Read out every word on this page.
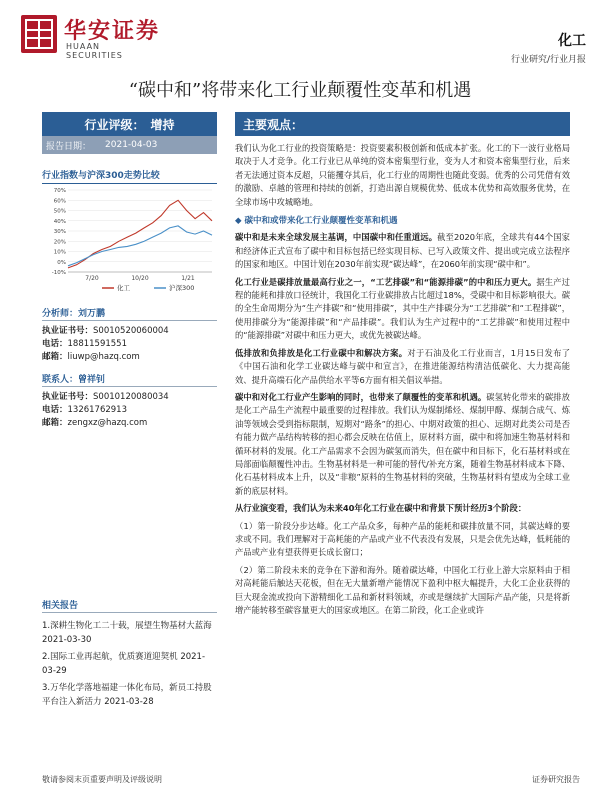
华安证券
HUAAN SECURITIES
化工
行业研究/行业月报
“碳中和”将带来化工行业颠覆性变革和机遇
行业评级： 增持
报告日期： 2021-04-03
行业指数与沪深300走势比较
-10%
0%
10%
20%
30%
40%
50%
60%
70%
7/20	10/20	1/21
化工	沪深300
分析师：刘万鹏
执业证书号：S0010520060004
电话：18811591551
邮箱：liuwp@hazq.com
联系人：曾祥钊
执业证书号：S0010120080034
电话：13261762913
邮箱：zengxz@hazq.com
相关报告
1.深耕生物化工二十载，展望生物基材大蓝海 2021-03-30
2.国际工业再起航，优质赛道迎契机 2021-03-29
3.万华化学落地福建一体化布局，新员工持股平台注入新活力 2021-03-28
主要观点：

我们认为化工行业的投资策略是：投资要素积极创新和低成本扩张。化工的下一波行业格局取决于人才竞争。化工行业已从单纯的资本密集型行业，变为人才和资本密集型行业，后来者无法通过资本反超，只能攫夺其后，化工行业的周期性也随此变弱。优秀的公司凭借有效的激励、卓越的管理和持续的创新，打造出源自规模优势、低成本优势和高效服务优势，在全球市场中攻城略地。

◆ 碳中和或带来化工行业颠覆性变革和机遇

碳中和是未来全球发展主基调，中国碳中和任重道远。截至2020年底，全球共有44个国家和经济体正式宣布了碳中和目标包括已经实现目标、已写入政策文件、提出或完成立法程序的国家和地区。中国计划在2030年前实现“碳达峰”，在2060年前实现“碳中和”。

化工行业是碳排放量最高行业之一，“工艺排碳”和“能源排碳”的中和压力更大。据生产过程的能耗和排放口径统计，我国化工行业碳排放占比超过18%，受碳中和目标影响很大。碳的全生命周期分为“生产排碳”和“使用排碳”，其中生产排碳分为“工艺排碳”和“工程排碳”，使用排碳分为“能源排碳”和“产品排碳”。我们认为生产过程中的“工艺排碳”和使用过程中的“能源排碳”对碳中和压力更大，或优先被碳达峰。

低排放和负排放是化工行业碳中和解决方案。对于石油及化工行业而言，1月15日发布了《中国石油和化学工业碳达峰与碳中和宣言》，在推进能源结构清洁低碳化、大力提高能效、提升高端石化产品供给水平等6方面有相关倡议举措。

碳中和对化工行业产生影响的同时，也带来了颠覆性的变革和机遇。碳氢转化带来的碳排放是化工产品生产流程中最重要的过程排放。我们认为煤制烯烃、煤制甲醇、煤制合成气、炼油等领域会受到指标限制，短期对“路条”的担心、中期对政策的担心、远期对此类公司是否有能力做产品结构转移的担心都会反映在估值上，原材料方面，碳中和将加速生物基材料和循环材料的发展。化工产品需求不会因为碳氢而消失，但在碳中和目标下，化石基材料或在局部面临颠覆性冲击。生物基材料是一种可能的替代/补充方案，随着生物基材料成本下降、化石基材料成本上升，以及“非粮”原料的生物基材料的突破，生物基材料有望成为全球工业新的底层材料。

从行业演变看，我们认为未来40年化工行业在碳中和背景下预计经历3个阶段：

（1）第一阶段分步达峰。化工产品众多，每种产品的能耗和碳排放量不同，其碳达峰的要求或不同。我们理解对于高耗能的产品或产业不代表没有发展，只是会优先达峰，低耗能的产品或产业有望获得更长成长窗口；

（2）第二阶段未来的竞争在下游和海外。随着碳达峰，中国化工行业上游大宗原料由于相对高耗能后触达天花板，但在无大量新增产能情况下盈利中枢大幅提升，大化工企业获得的巨大现金流或投向下游精细化工品和新材料领域，亦或是继续扩大国际产品产能，只是将新增产能转移至碳容量更大的国家或地区。在第二阶段，化工企业或许

敬请参阅末页重要声明及评级说明	证券研究报告
